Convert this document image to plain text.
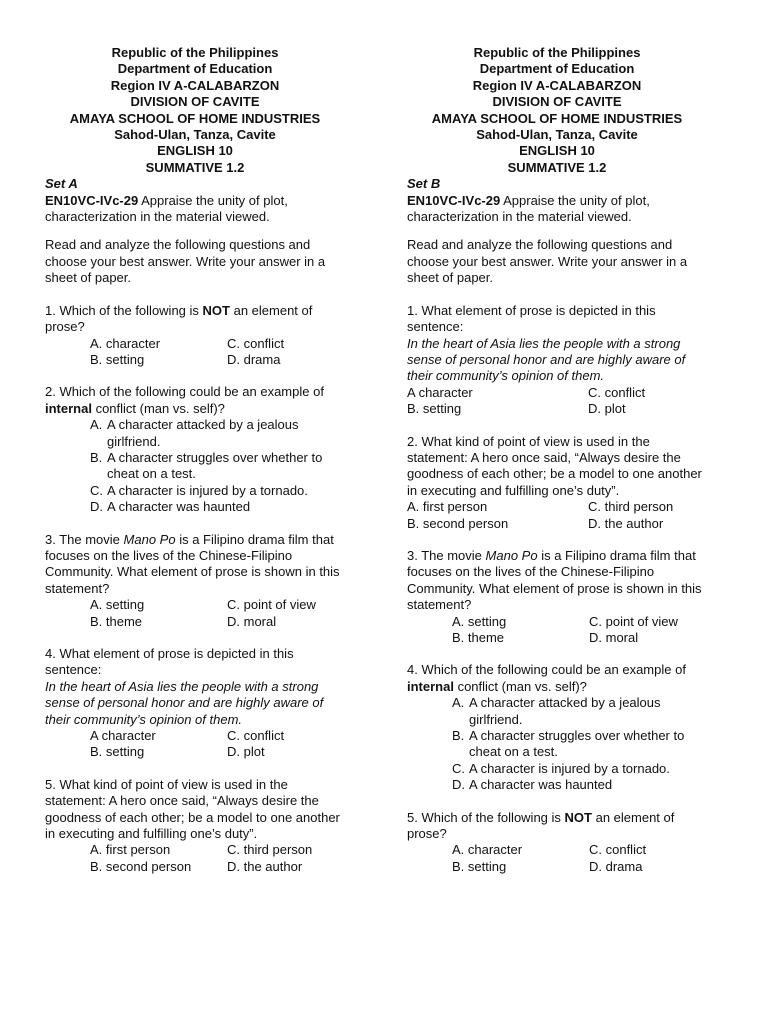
Republic of the Philippines
Department of Education
Region IV A-CALABARZON
DIVISION OF CAVITE
AMAYA SCHOOL OF HOME INDUSTRIES
Sahod-Ulan, Tanza, Cavite
ENGLISH 10
SUMMATIVE 1.2
Set A
EN10VC-IVc-29 Appraise the unity of plot, characterization in the material viewed.
Read and analyze the following questions and choose your best answer. Write your answer in a sheet of paper.
1. Which of the following is NOT an element of prose?
A. character	C. conflict
B. setting	D. drama
2. Which of the following could be an example of internal conflict (man vs. self)?
A. A character attacked by a jealous girlfriend.
B. A character struggles over whether to cheat on a test.
C. A character is injured by a tornado.
D. A character was haunted
3. The movie Mano Po is a Filipino drama film that focuses on the lives of the Chinese-Filipino Community. What element of prose is shown in this statement?
A. setting	C. point of view
B. theme	D. moral
4. What element of prose is depicted in this sentence:
In the heart of Asia lies the people with a strong sense of personal honor and are highly aware of their community’s opinion of them.
A character	C. conflict
B. setting	D. plot
5. What kind of point of view is used in the statement: A hero once said, “Always desire the goodness of each other; be a model to one another in executing and fulfilling one’s duty”.
A. first person	C. third person
B. second person	D. the author
Republic of the Philippines
Department of Education
Region IV A-CALABARZON
DIVISION OF CAVITE
AMAYA SCHOOL OF HOME INDUSTRIES
Sahod-Ulan, Tanza, Cavite
ENGLISH 10
SUMMATIVE 1.2
Set B
EN10VC-IVc-29 Appraise the unity of plot, characterization in the material viewed.
Read and analyze the following questions and choose your best answer. Write your answer in a sheet of paper.
1. What element of prose is depicted in this sentence:
In the heart of Asia lies the people with a strong sense of personal honor and are highly aware of their community’s opinion of them.
A character	C. conflict
B. setting	D. plot
2. What kind of point of view is used in the statement: A hero once said, “Always desire the goodness of each other; be a model to one another in executing and fulfilling one’s duty”.
A. first person	C. third person
B. second person	D. the author
3. The movie Mano Po is a Filipino drama film that focuses on the lives of the Chinese-Filipino Community. What element of prose is shown in this statement?
A. setting	C. point of view
B. theme	D. moral
4. Which of the following could be an example of internal conflict (man vs. self)?
A. A character attacked by a jealous girlfriend.
B. A character struggles over whether to cheat on a test.
C. A character is injured by a tornado.
D. A character was haunted
5. Which of the following is NOT an element of prose?
A. character	C. conflict
B. setting	D. drama
